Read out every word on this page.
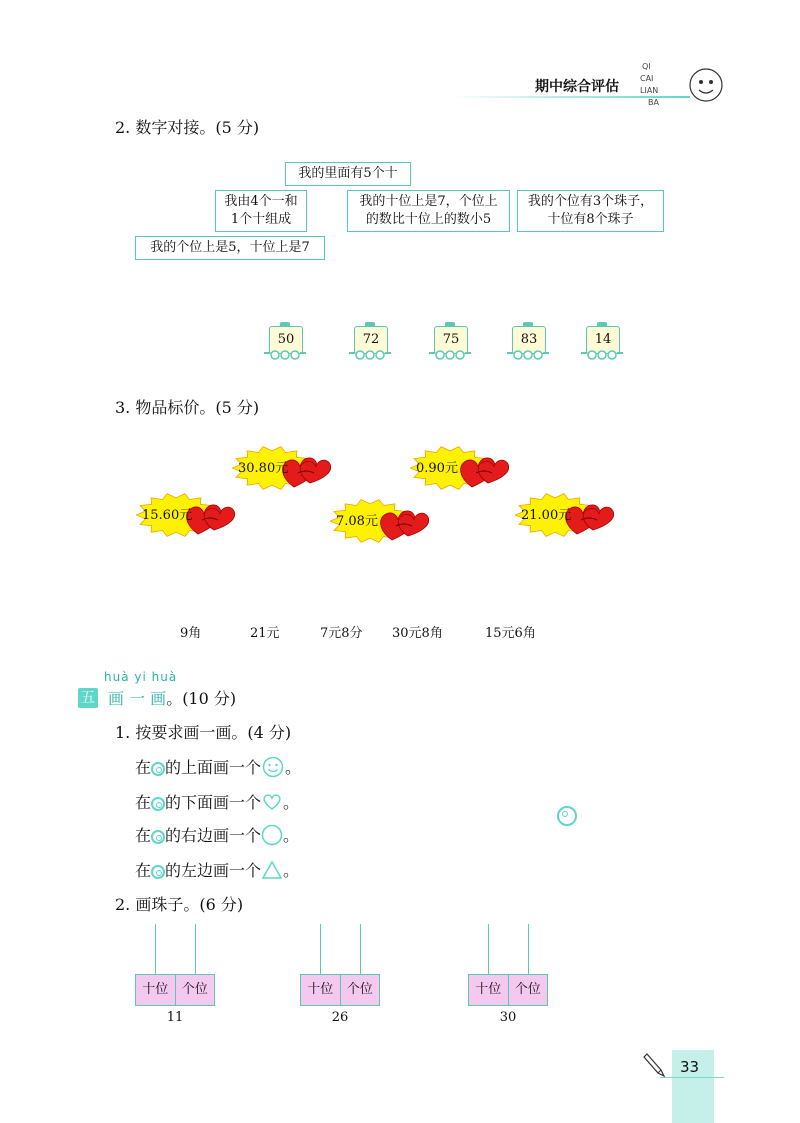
期中综合评估
QI
CAI
LIAN
BA
2. 数字对接。(5 分)
我的里面有5个十
我由4个一和
1个十组成
我的十位上是7，个位上
的数比十位上的数小5
我的个位有3个珠子，
十位有8个珠子
我的个位上是5，十位上是7
50	72	75	83	14
3. 物品标价。(5 分)
30.80元	0.90元
15.60元	7.08元	21.00元
9角	21元	7元8分 30元8角	15元6角
huà yi huà
五 画 一 画。(10 分)
1. 按要求画一画。(4 分)
在 的上面画一个 。
在 的下面画一个 。
在 的右边画一个 。
在 的左边画一个 。
2. 画珠子。(6 分)
十位	个位
11
十位	个位
26
十位	个位
30
33
